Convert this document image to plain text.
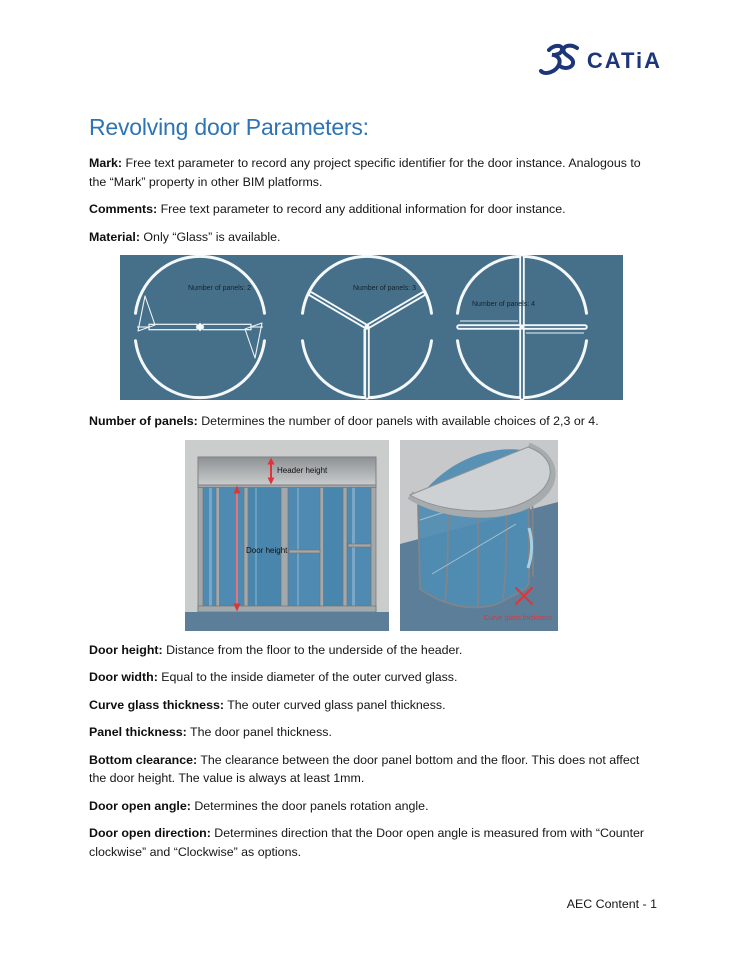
CATiA
Revolving door Parameters:

Mark: Free text parameter to record any project specific identifier for the door instance. Analogous to the “Mark” property in other BIM platforms.

Comments: Free text parameter to record any additional information for door instance.

Material: Only “Glass” is available.

Number of panels: 2	Number of panels: 3
Number of panels: 4

Number of panels: Determines the number of door panels with available choices of 2,3 or 4.

Header height
Door height
Curve glass thickness

Door height: Distance from the floor to the underside of the header.

Door width: Equal to the inside diameter of the outer curved glass.

Curve glass thickness: The outer curved glass panel thickness.

Panel thickness: The door panel thickness.

Bottom clearance: The clearance between the door panel bottom and the floor. This does not affect the door height. The value is always at least 1mm.

Door open angle: Determines the door panels rotation angle.

Door open direction: Determines direction that the Door open angle is measured from with “Counter clockwise” and “Clockwise” as options.

AEC Content - 1
